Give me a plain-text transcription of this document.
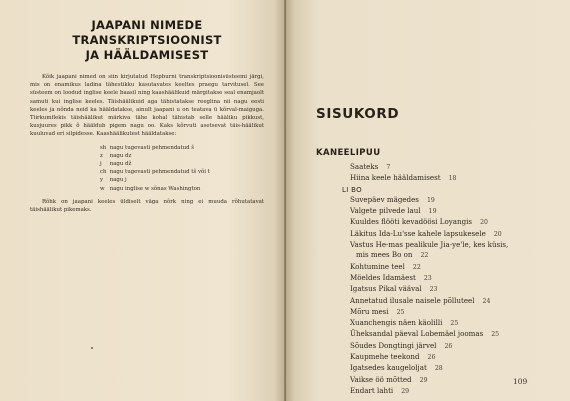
JAAPANI NIMEDE TRANSKRIPTSIOONIST
JA HÄÄLDAMISEST

Kõik jaapani nimed on siin kirjutatud Hepburni transkriptsioonisüsteemi järgi, mis on enamikus ladina tähestikku kasutavates keeltes praegu tarvitusel. See süsteem on loodud inglise keele baasil ning kaashäälikuid märgitakse seal enamjaolt samuti kui inglise keeles. Täishäälikuid aga tähistatakse reeglina nii nagu eesti keeles ja nõnda neid ka hääldatakse, ainult jaapani u on teatava ü kõrval-maiguga. Tiirkumflekis täishäälikut märkiva tähe kohal tähistab selle hääliku pikkust, kusjuures pikk õ hääldub pigem nagu oo. Kaks kõrvuti asetsevat täis-häälikut kuuluvad eri silpidesse. Kaashäälikutest hääldatakse:

sh nagu tugevasti pehmendatud š
z nagu dz
j nagu dž
ch nagu tugevasti pehmendatud tš või t
y nagu j
w nagu inglise w sõnas Washington

Rõhk on jaapani keeles üldiselt väga nõrk ning ei muuda rõhutatavat täishäälikut pikemaks.

SISUKORD
KANEELIPUU
Saateks 7
Hiina keele hääldamisest 18
LI BO
Suvepäev mägedes 19
Valgete pilvede laul 19
Kuuldes flööti kevadöösi Loyangis 20
Läkitus Ida-Lu'sse kahele lapsukesele 20
Vastus He-mas pealikule Jia-ye'le, kes küsis,
mis mees Bo on 22
Kohtumine teel 22
Möeldes Idamäest 23
Igatsus Pikal vääval 23
Annetatud ilusale naisele põlluteel 24
Mõru mesi 25
Xuanchengis näen käolilli 25
Üheksandal päeval Lobemäel joomas 25
Sõudes Dongtingi järvel 26
Kaupmehe teekond 26
Igatsedes kaugeloljat 28
Vaikse öö mõtted 29
Endart lahti 29
109
